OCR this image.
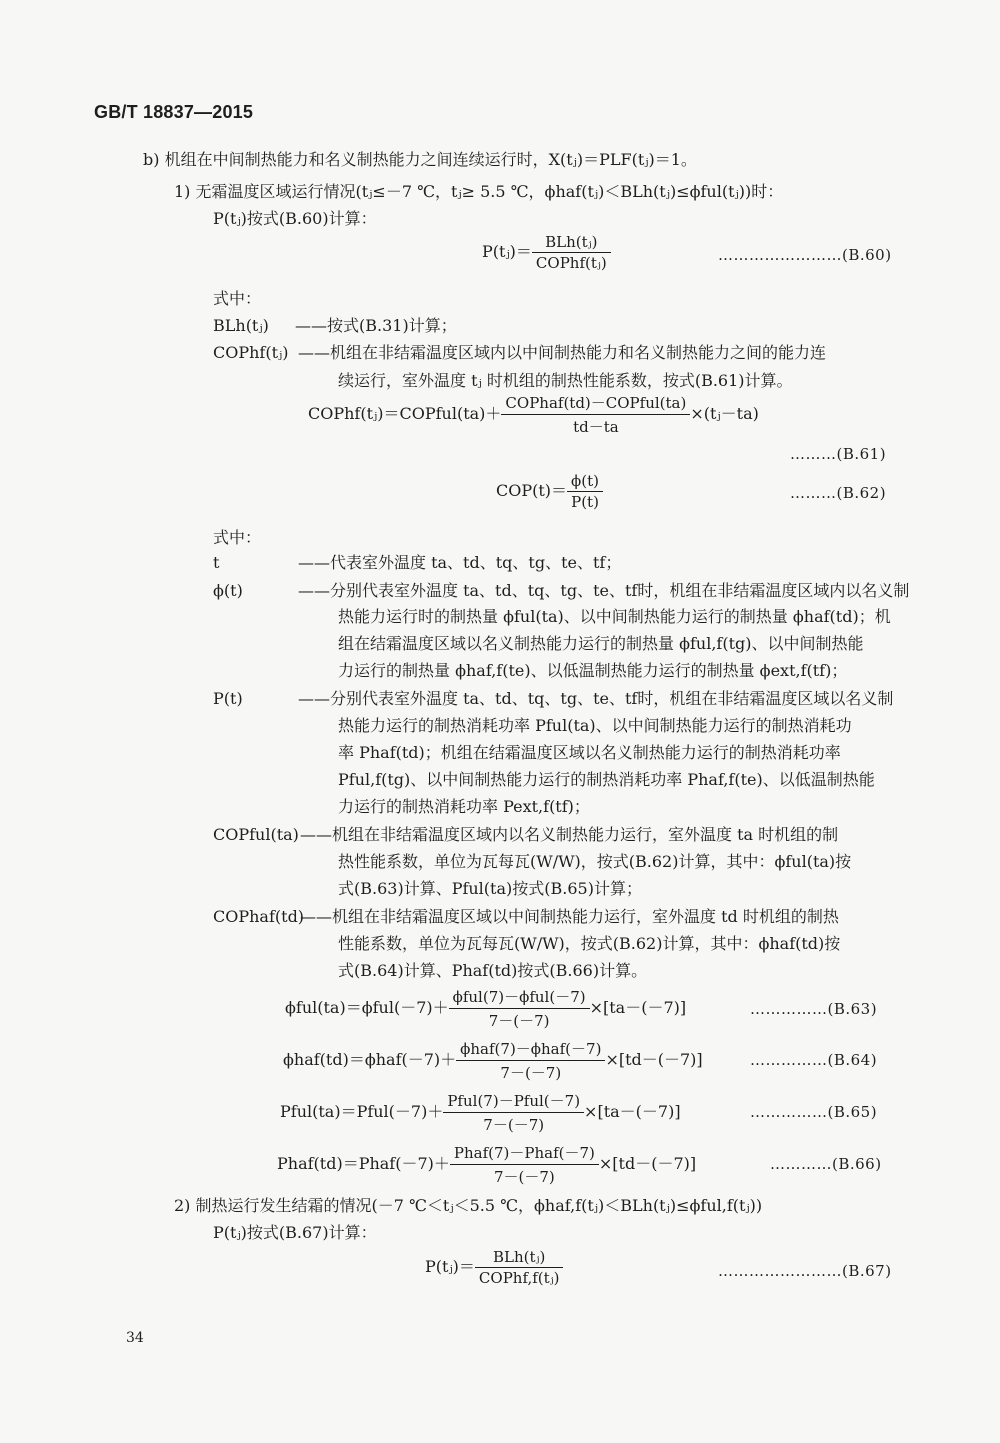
GB/T 18837—2015
b) 机组在中间制热能力和名义制热能力之间连续运行时，X(tⱼ)＝PLF(tⱼ)＝1。
1) 无霜温度区域运行情况(tⱼ≤－7 ℃，tⱼ≥ 5.5 ℃，ϕhaf(tⱼ)＜BLh(tⱼ)≤ϕful(tⱼ))时：
P(tⱼ)按式(B.60)计算：
P(tⱼ)＝ $\frac{\text{BLh(tⱼ)}}{\text{COPhf(tⱼ)}}$	……………………(B.60)
式中：
BLh(tⱼ) ——按式(B.31)计算；
COPhf(tⱼ) ——机组在非结霜温度区域内以中间制热能力和名义制热能力之间的能力连
续运行，室外温度 tⱼ 时机组的制热性能系数，按式(B.61)计算。
COPhf(tⱼ)＝COPful(ta)＋ $\frac{\text{COPhaf(td)－COPful(ta)}}{td-ta}$ ×(tⱼ－ta)
………(B.61)
$COP(t)= \frac{\phi(t)}{P(t)}$	………(B.62)
式中：
t	——代表室外温度 ta、td、tq、tg、te、tf；
ϕ(t)	——分别代表室外温度 ta、td、tq、tg、te、tf时，机组在非结霜温度区域内以名义制
热能力运行时的制热量 ϕful(ta)、以中间制热能力运行的制热量 ϕhaf(td)；机
组在结霜温度区域以名义制热能力运行的制热量 ϕful,f(tg)、以中间制热能
力运行的制热量 ϕhaf,f(te)、以低温制热能力运行的制热量 ϕext,f(tf)；
P(t)	——分别代表室外温度 ta、td、tq、tg、te、tf时，机组在非结霜温度区域以名义制
热能力运行的制热消耗功率 Pful(ta)、以中间制热能力运行的制热消耗功
率 Phaf(td)；机组在结霜温度区域以名义制热能力运行的制热消耗功率
Pful,f(tg)、以中间制热能力运行的制热消耗功率 Phaf,f(te)、以低温制热能
力运行的制热消耗功率 Pext,f(tf)；
COPful(ta) ——机组在非结霜温度区域内以名义制热能力运行，室外温度 ta 时机组的制
热性能系数，单位为瓦每瓦(W/W)，按式(B.62)计算，其中：ϕful(ta)按
式(B.63)计算、Pful(ta)按式(B.65)计算；
COPhaf(td)
——机组在非结霜温度区域以中间制热能力运行，室外温度 td 时机组的制热
性能系数，单位为瓦每瓦(W/W)，按式(B.62)计算，其中：ϕhaf(td)按
式(B.64)计算、Phaf(td)按式(B.66)计算。
$\phi ful(ta)=\phi ful(-7)+ \frac{\text{ϕful(7)－ϕful(－7)}}{7-(-7)} \times[ta-(-7)]$	……………(B.63)
$\phi haf(td)=\phi haf(-7)+ \frac{\text{ϕhaf(7)－ϕhaf(－7)}}{7-(-7)} \times[td-(-7)]$	……………(B.64)
Pful(ta)＝Pful(－7)＋ $\frac{\text{Pful(7)－Pful(－7)}}{7-(-7)} \times[ta-(-7)]$	……………(B.65)
Phaf(td)＝Phaf(－7)＋ $\frac{\text{Phaf(7)－Phaf(－7)}}{7-(-7)} \times[td-(-7)]$	…………(B.66)
2) 制热运行发生结霜的情况(－7 ℃＜tⱼ＜5.5 ℃，ϕhaf,f(tⱼ)＜BLh(tⱼ)≤ϕful,f(tⱼ))
P(tⱼ)按式(B.67)计算：
P(tⱼ)＝ $\frac{\text{BLh(tⱼ)}}{\text{COPhf,f(tⱼ)}}$	……………………(B.67)
34
